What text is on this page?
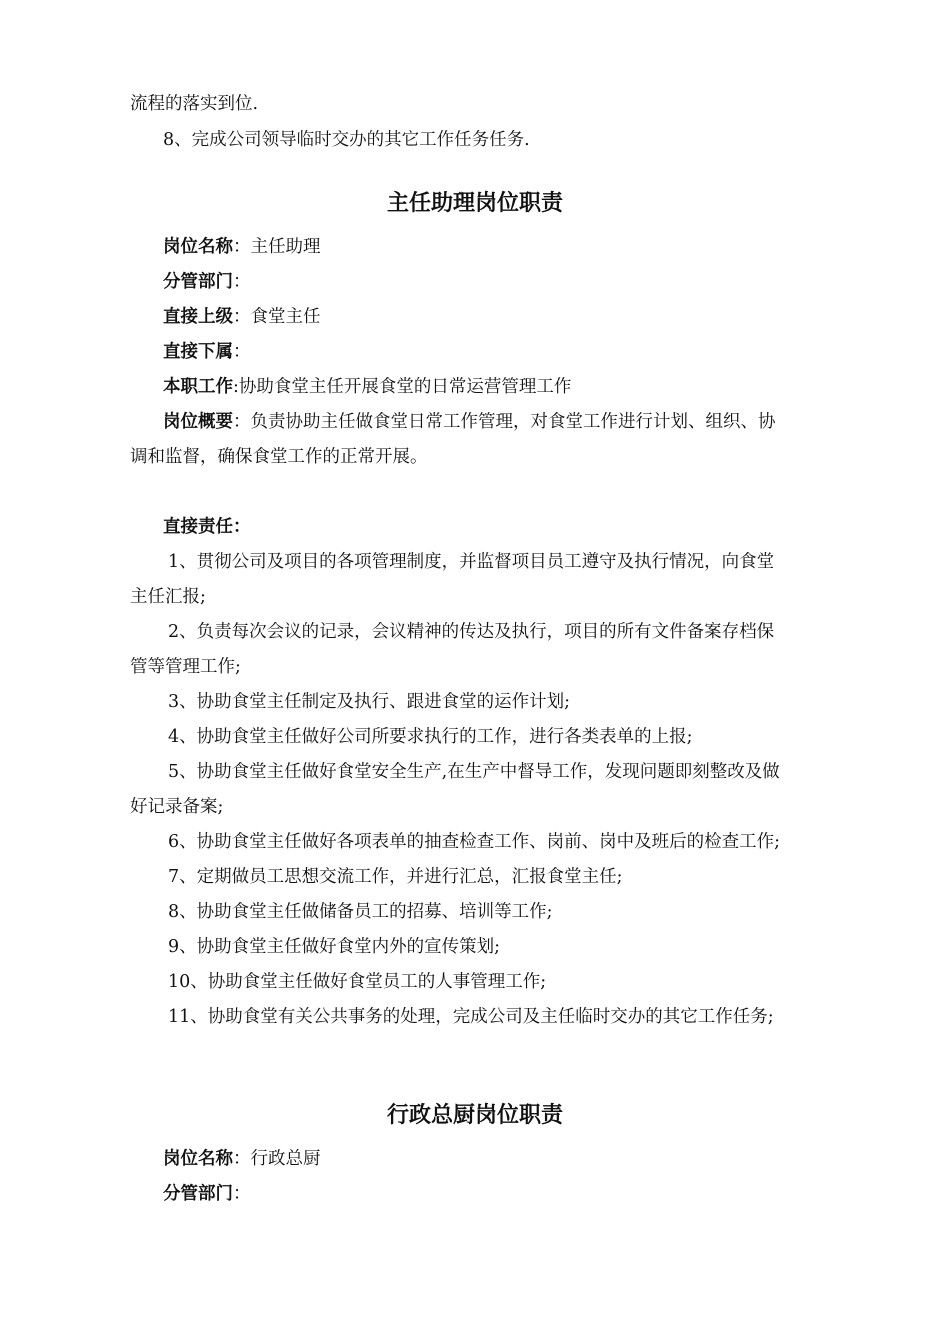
流程的落实到位.
8、完成公司领导临时交办的其它工作任务任务.
主任助理岗位职责
岗位名称：主任助理
分管部门：
直接上级：食堂主任
直接下属：
本职工作:协助食堂主任开展食堂的日常运营管理工作
岗位概要：负责协助主任做食堂日常工作管理，对食堂工作进行计划、组织、协
调和监督，确保食堂工作的正常开展。
直接责任：
1、贯彻公司及项目的各项管理制度，并监督项目员工遵守及执行情况，向食堂
主任汇报;
2、负责每次会议的记录，会议精神的传达及执行，项目的所有文件备案存档保
管等管理工作;
3、协助食堂主任制定及执行、跟进食堂的运作计划;
4、协助食堂主任做好公司所要求执行的工作，进行各类表单的上报;
5、协助食堂主任做好食堂安全生产,在生产中督导工作，发现问题即刻整改及做
好记录备案;
6、协助食堂主任做好各项表单的抽查检查工作、岗前、岗中及班后的检查工作;
7、定期做员工思想交流工作，并进行汇总，汇报食堂主任;
8、协助食堂主任做储备员工的招募、培训等工作;
9、协助食堂主任做好食堂内外的宣传策划;
10、协助食堂主任做好食堂员工的人事管理工作;
11、协助食堂有关公共事务的处理，完成公司及主任临时交办的其它工作任务;
行政总厨岗位职责
岗位名称：行政总厨
分管部门：
